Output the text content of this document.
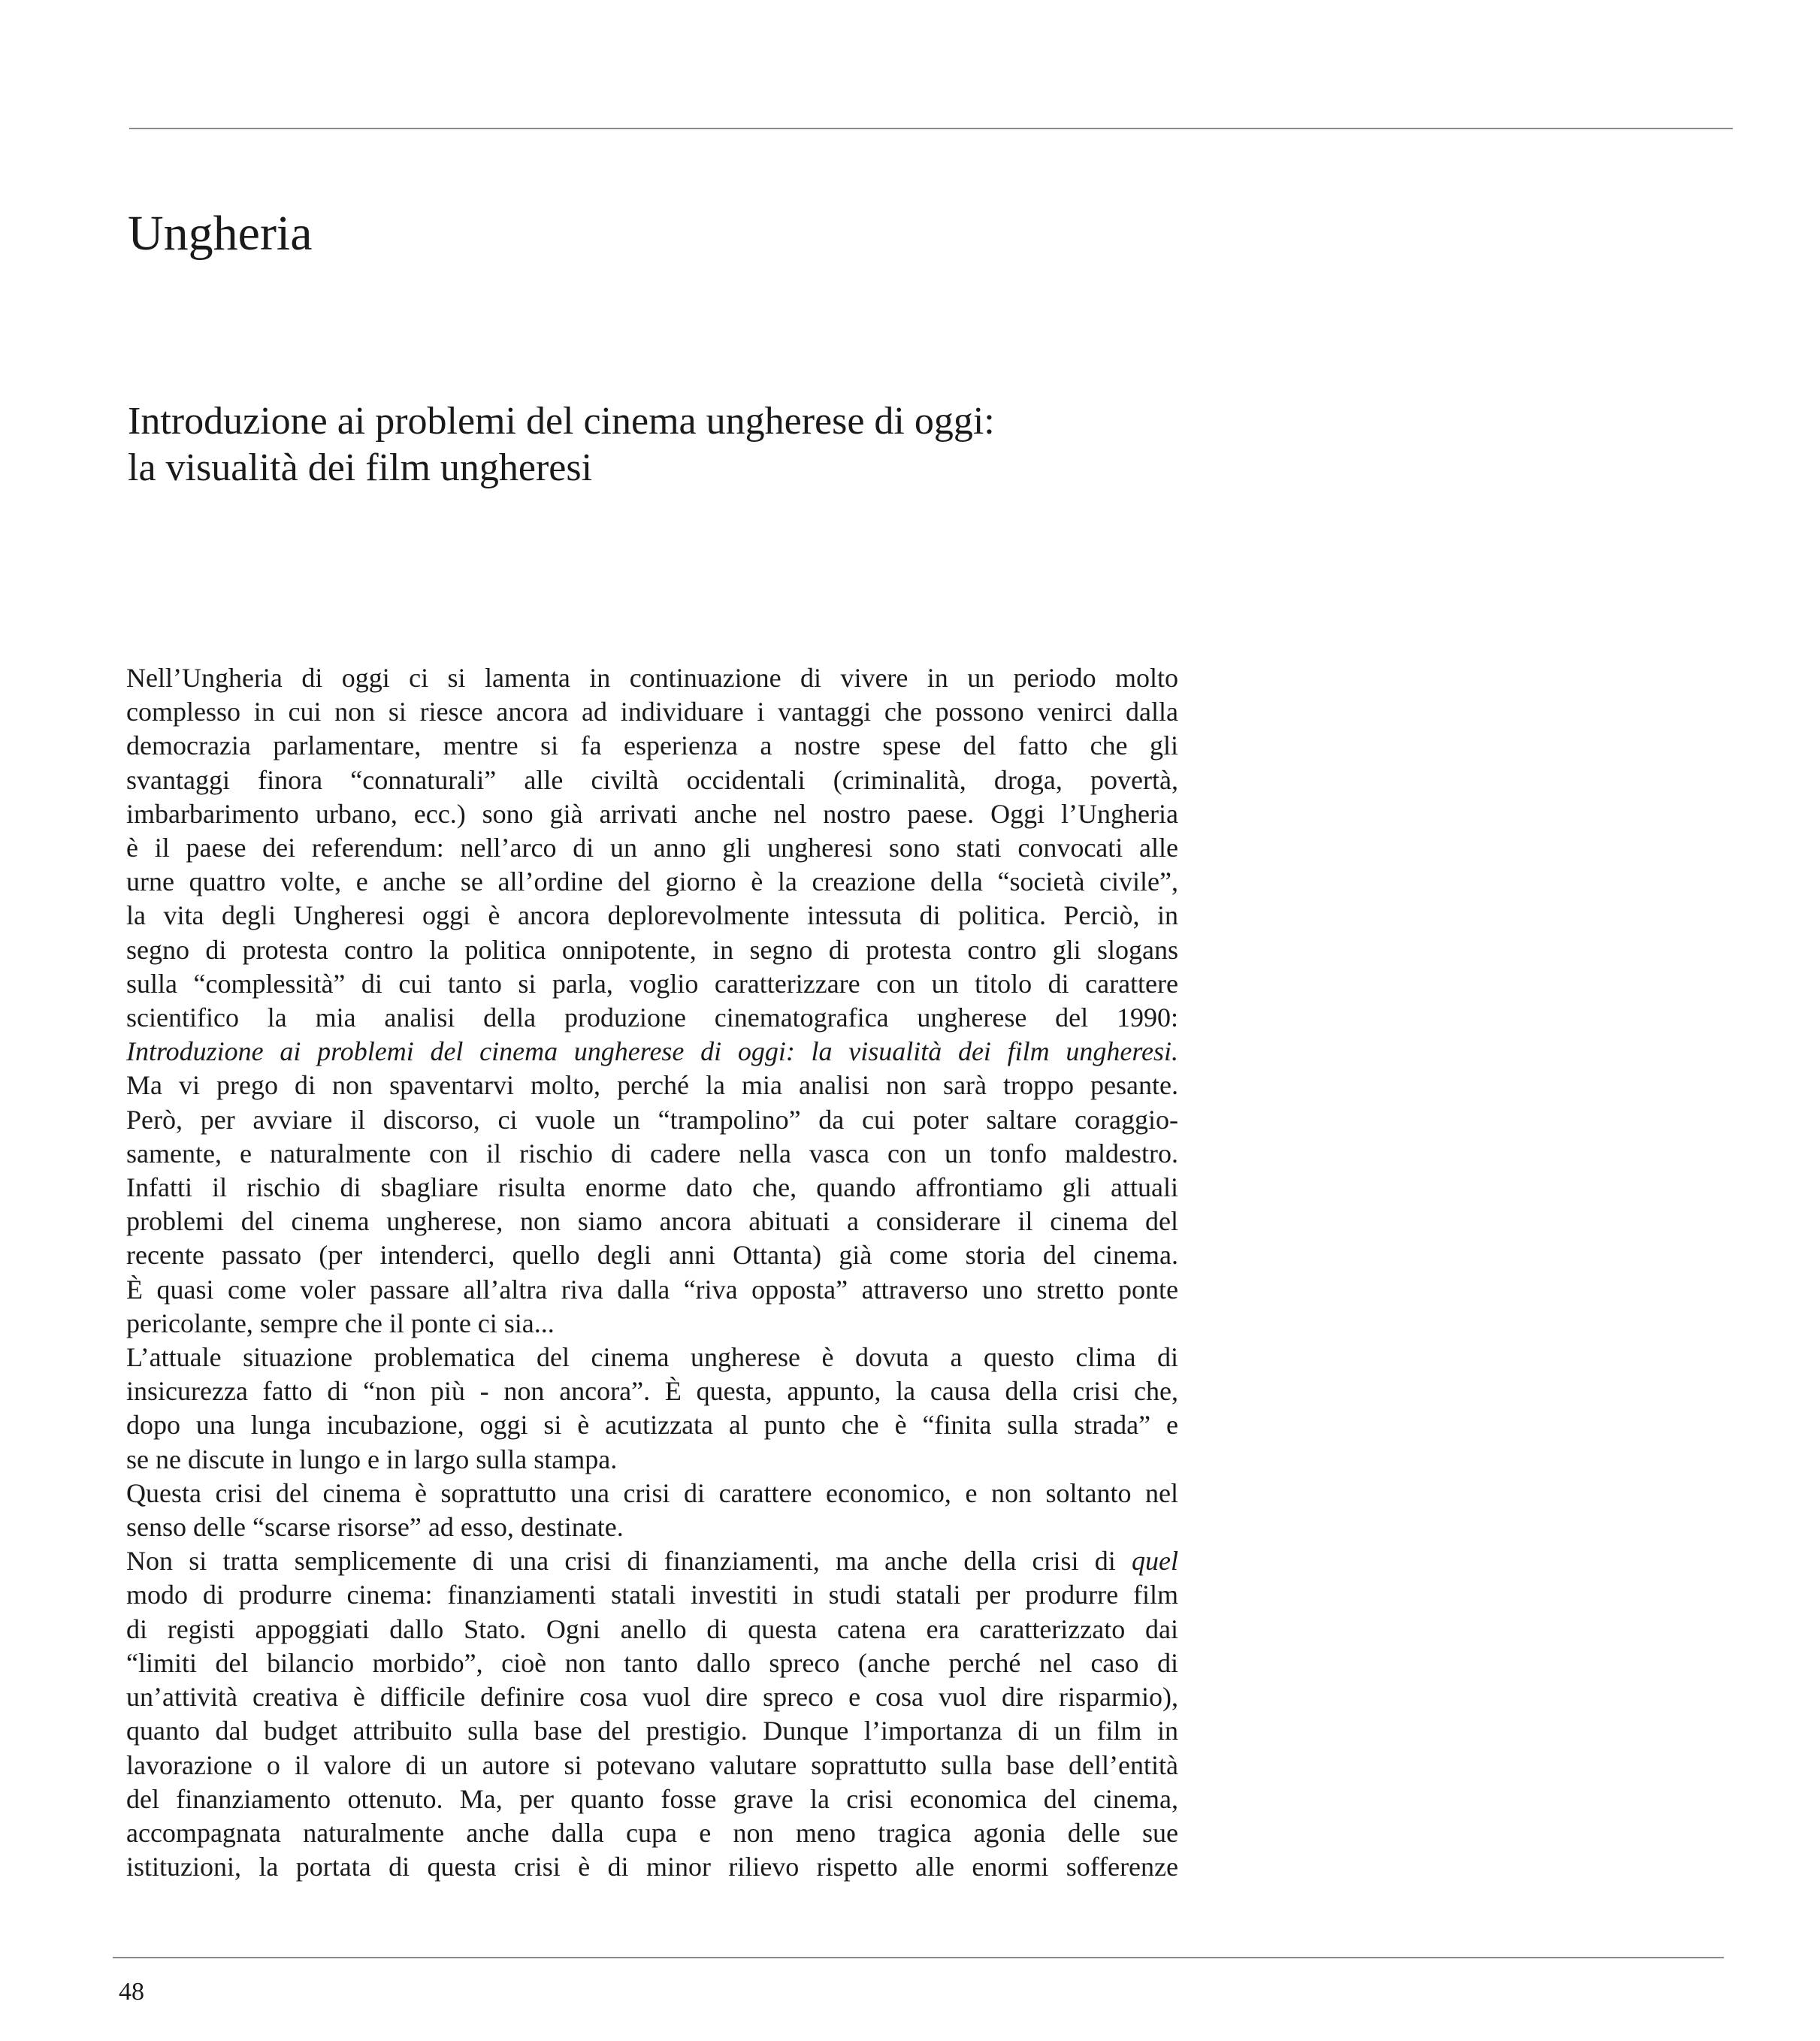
Ungheria
Introduzione ai problemi del cinema ungherese di oggi:
la visualità dei film ungheresi
Nell’Ungheria di oggi ci si lamenta in continuazione di vivere in un periodo molto
complesso in cui non si riesce ancora ad individuare i vantaggi che possono venirci dalla
democrazia parlamentare, mentre si fa esperienza a nostre spese del fatto che gli
svantaggi finora “connaturali” alle civiltà occidentali (criminalità, droga, povertà,
imbarbarimento urbano, ecc.) sono già arrivati anche nel nostro paese. Oggi l’Ungheria
è il paese dei referendum: nell’arco di un anno gli ungheresi sono stati convocati alle
urne quattro volte, e anche se all’ordine del giorno è la creazione della “società civile”,
la vita degli Ungheresi oggi è ancora deplorevolmente intessuta di politica. Perciò, in
segno di protesta contro la politica onnipotente, in segno di protesta contro gli slogans
sulla “complessità” di cui tanto si parla, voglio caratterizzare con un titolo di carattere
scientifico la mia analisi della produzione cinematografica ungherese del 1990:
Introduzione ai problemi del cinema ungherese di oggi: la visualità dei film ungheresi.
Ma vi prego di non spaventarvi molto, perché la mia analisi non sarà troppo pesante.
Però, per avviare il discorso, ci vuole un “trampolino” da cui poter saltare coraggio-
samente, e naturalmente con il rischio di cadere nella vasca con un tonfo maldestro.
Infatti il rischio di sbagliare risulta enorme dato che, quando affrontiamo gli attuali
problemi del cinema ungherese, non siamo ancora abituati a considerare il cinema del
recente passato (per intenderci, quello degli anni Ottanta) già come storia del cinema.
È quasi come voler passare all’altra riva dalla “riva opposta” attraverso uno stretto ponte
pericolante, sempre che il ponte ci sia...
L’attuale situazione problematica del cinema ungherese è dovuta a questo clima di
insicurezza fatto di “non più - non ancora”. È questa, appunto, la causa della crisi che,
dopo una lunga incubazione, oggi si è acutizzata al punto che è “finita sulla strada” e
se ne discute in lungo e in largo sulla stampa.
Questa crisi del cinema è soprattutto una crisi di carattere economico, e non soltanto nel
senso delle “scarse risorse” ad esso, destinate.
Non si tratta semplicemente di una crisi di finanziamenti, ma anche della crisi di quel
modo di produrre cinema: finanziamenti statali investiti in studi statali per produrre film
di registi appoggiati dallo Stato. Ogni anello di questa catena era caratterizzato dai
“limiti del bilancio morbido”, cioè non tanto dallo spreco (anche perché nel caso di
un’attività creativa è difficile definire cosa vuol dire spreco e cosa vuol dire risparmio),
quanto dal budget attribuito sulla base del prestigio. Dunque l’importanza di un film in
lavorazione o il valore di un autore si potevano valutare soprattutto sulla base dell’entità
del finanziamento ottenuto. Ma, per quanto fosse grave la crisi economica del cinema,
accompagnata naturalmente anche dalla cupa e non meno tragica agonia delle sue
istituzioni, la portata di questa crisi è di minor rilievo rispetto alle enormi sofferenze
48
